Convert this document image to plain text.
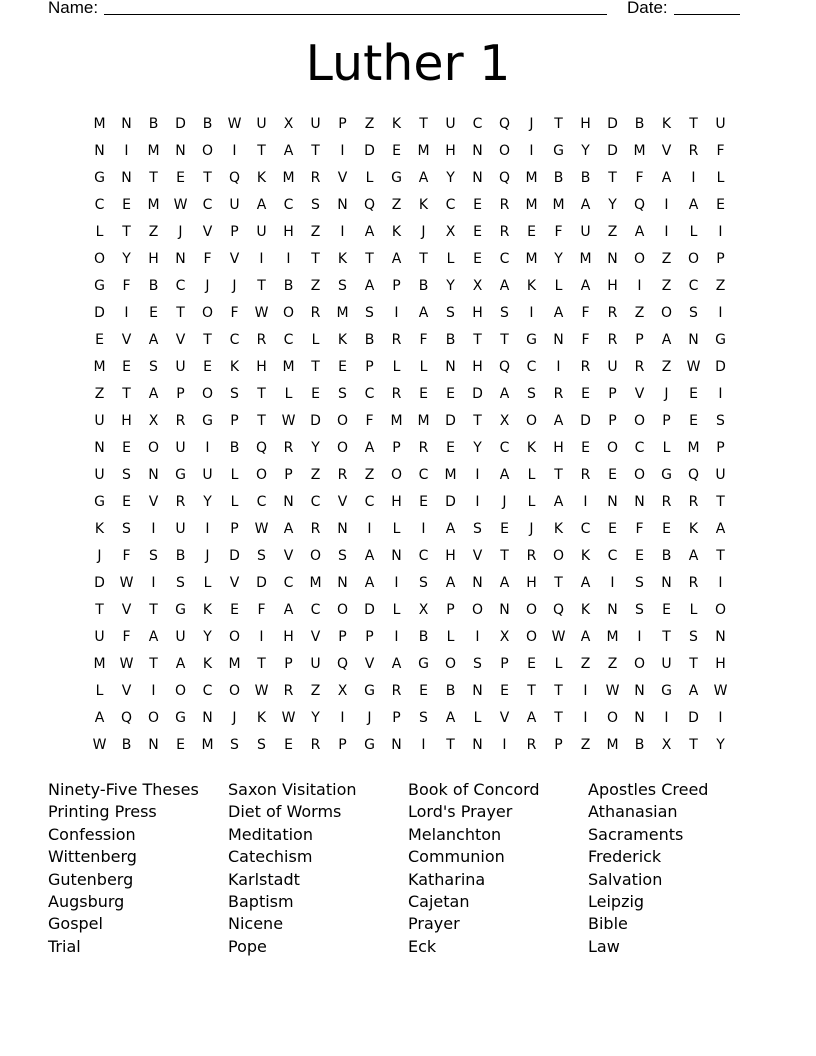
Name:	Date:
Luther 1
M	N	B	D	B	W	U	X	U	P	Z	K	T	U	C	Q	J	T	H	D	B	K	T	U
N	I	M	N	O	I	T	A	T	I	D	E	M	H	N	O	I	G	Y	D	M	V	R	F
G	N	T	E	T	Q	K	M	R	V	L	G	A	Y	N	Q	M	B	B	T	F	A	I	L
C	E	M	W	C	U	A	C	S	N	Q	Z	K	C	E	R	M	M	A	Y	Q	I	A	E
L	T	Z	J	V	P	U	H	Z	I	A	K	J	X	E	R	E	F	U	Z	A	I	L	I
O	Y	H	N	F	V	I	I	T	K	T	A	T	L	E	C	M	Y	M	N	O	Z	O	P
G	F	B	C	J	J	T	B	Z	S	A	P	B	Y	X	A	K	L	A	H	I	Z	C	Z
D	I	E	T	O	F	W	O	R	M	S	I	A	S	H	S	I	A	F	R	Z	O	S	I
E	V	A	V	T	C	R	C	L	K	B	R	F	B	T	T	G	N	F	R	P	A	N	G
M	E	S	U	E	K	H	M	T	E	P	L	L	N	H	Q	C	I	R	U	R	Z	W	D
Z	T	A	P	O	S	T	L	E	S	C	R	E	E	D	A	S	R	E	P	V	J	E	I
U	H	X	R	G	P	T	W	D	O	F	M	M	D	T	X	O	A	D	P	O	P	E	S
N	E	O	U	I	B	Q	R	Y	O	A	P	R	E	Y	C	K	H	E	O	C	L	M	P
U	S	N	G	U	L	O	P	Z	R	Z	O	C	M	I	A	L	T	R	E	O	G	Q	U
G	E	V	R	Y	L	C	N	C	V	C	H	E	D	I	J	L	A	I	N	N	R	R	T
K	S	I	U	I	P	W	A	R	N	I	L	I	A	S	E	J	K	C	E	F	E	K	A
J	F	S	B	J	D	S	V	O	S	A	N	C	H	V	T	R	O	K	C	E	B	A	T
D	W	I	S	L	V	D	C	M	N	A	I	S	A	N	A	H	T	A	I	S	N	R	I
T	V	T	G	K	E	F	A	C	O	D	L	X	P	O	N	O	Q	K	N	S	E	L	O
U	F	A	U	Y	O	I	H	V	P	P	I	B	L	I	X	O	W	A	M	I	T	S	N
M	W	T	A	K	M	T	P	U	Q	V	A	G	O	S	P	E	L	Z	Z	O	U	T	H
L	V	I	O	C	O	W	R	Z	X	G	R	E	B	N	E	T	T	I	W	N	G	A	W
A	Q	O	G	N	J	K	W	Y	I	J	P	S	A	L	V	A	T	I	O	N	I	D	I
W	B	N	E	M	S	S	E	R	P	G	N	I	T	N	I	R	P	Z	M	B	X	T	Y
Ninety-Five Theses
Printing Press
Confession
Wittenberg
Gutenberg
Augsburg
Gospel
Trial
Saxon Visitation
Diet of Worms
Meditation
Catechism
Karlstadt
Baptism
Nicene
Pope
Book of Concord
Lord's Prayer
Melanchton
Communion
Katharina
Cajetan
Prayer
Eck
Apostles Creed
Athanasian
Sacraments
Frederick
Salvation
Leipzig
Bible
Law
